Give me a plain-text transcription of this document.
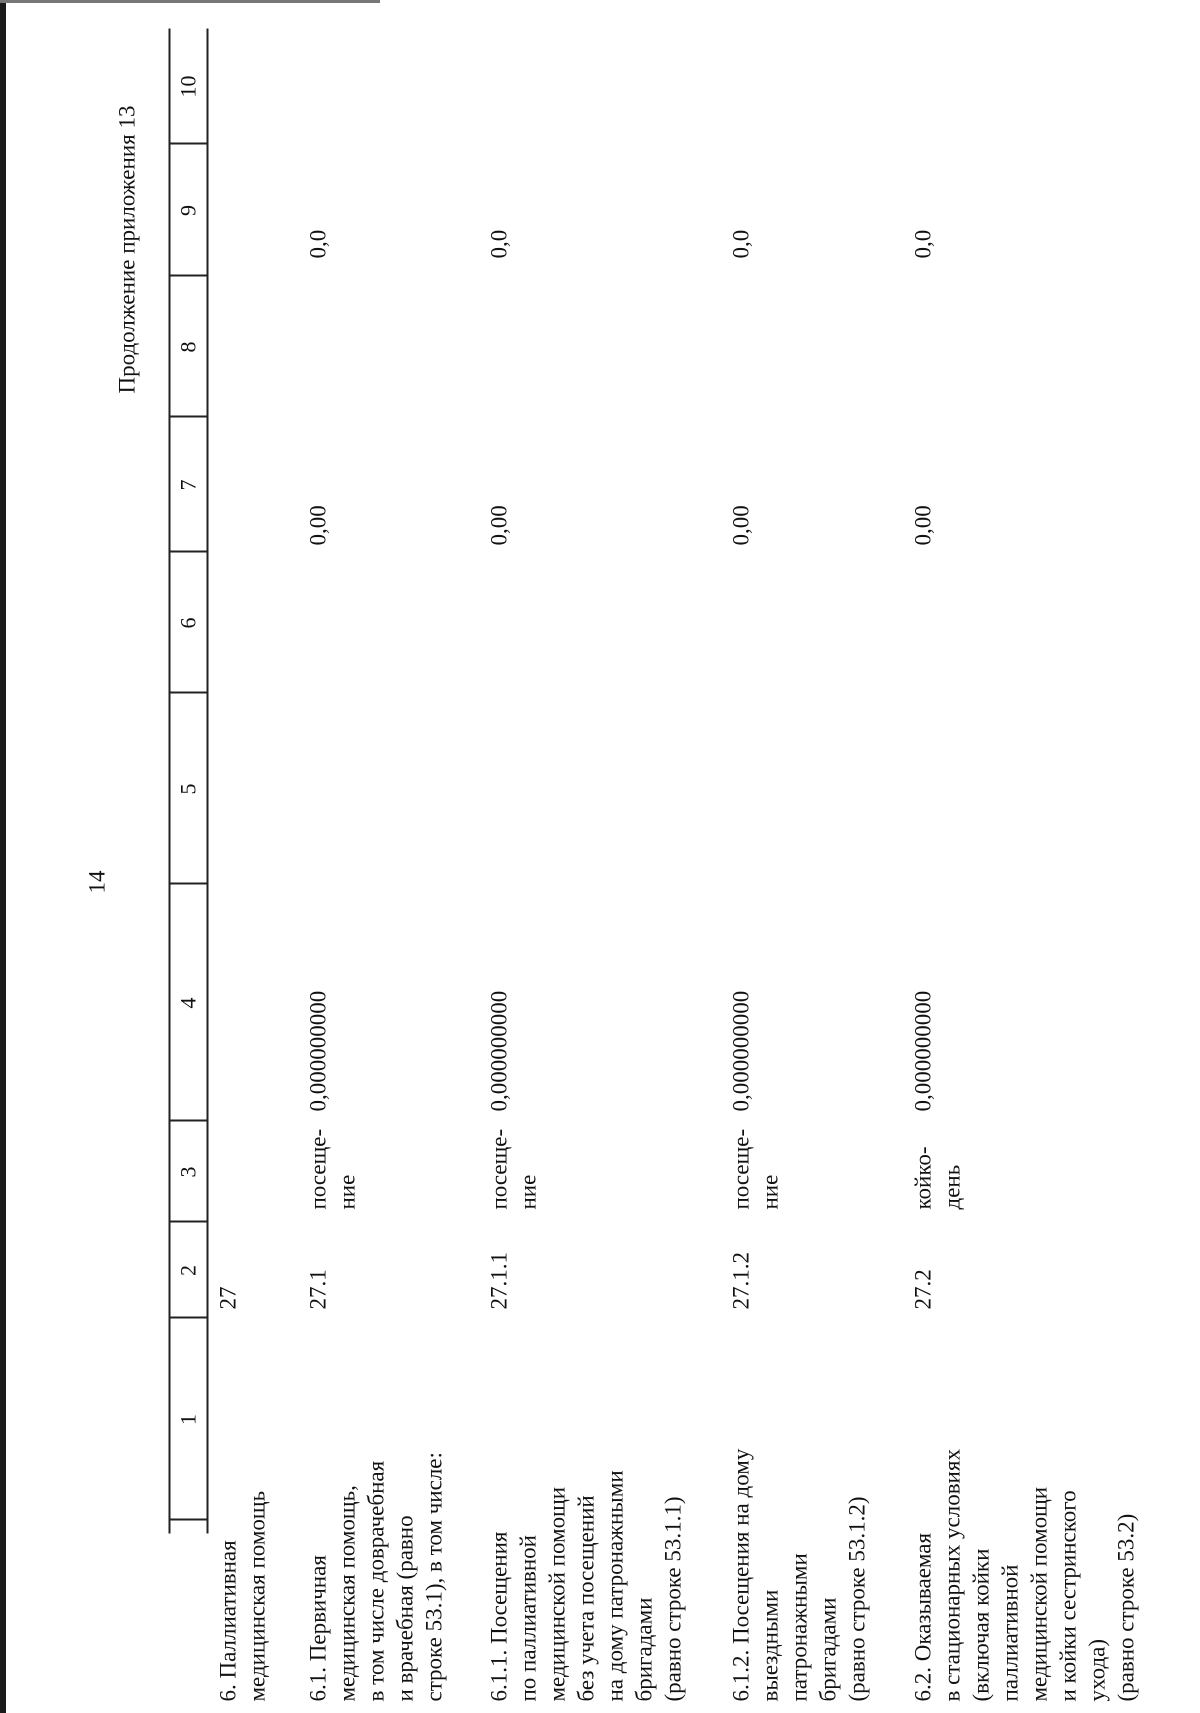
14
Продолжение приложения 13
1
2
3
4
5
6
7
8
9
10
6. Паллиативная
медицинская помощь
27
6.1. Первичная
медицинская помощь,
в том числе доврачебная
и врачебная (равно
строке 53.1), в том числе:
27.1
посеще-
ние
0,000000000
0,00
0,0
6.1.1. Посещения
по паллиативной
медицинской помощи
без учета посещений
на дому патронажными
бригадами
(равно строке 53.1.1)
27.1.1
посеще-
ние
0,000000000
0,00
0,0
6.1.2. Посещения на дому
выездными
патронажными
бригадами
(равно строке 53.1.2)
27.1.2
посеще-
ние
0,000000000
0,00
0,0
6.2. Оказываемая
в стационарных условиях
(включая койки
паллиативной
медицинской помощи
и койки сестринского
ухода)
(равно строке 53.2)
27.2
койко-
день
0,000000000
0,00
0,0
